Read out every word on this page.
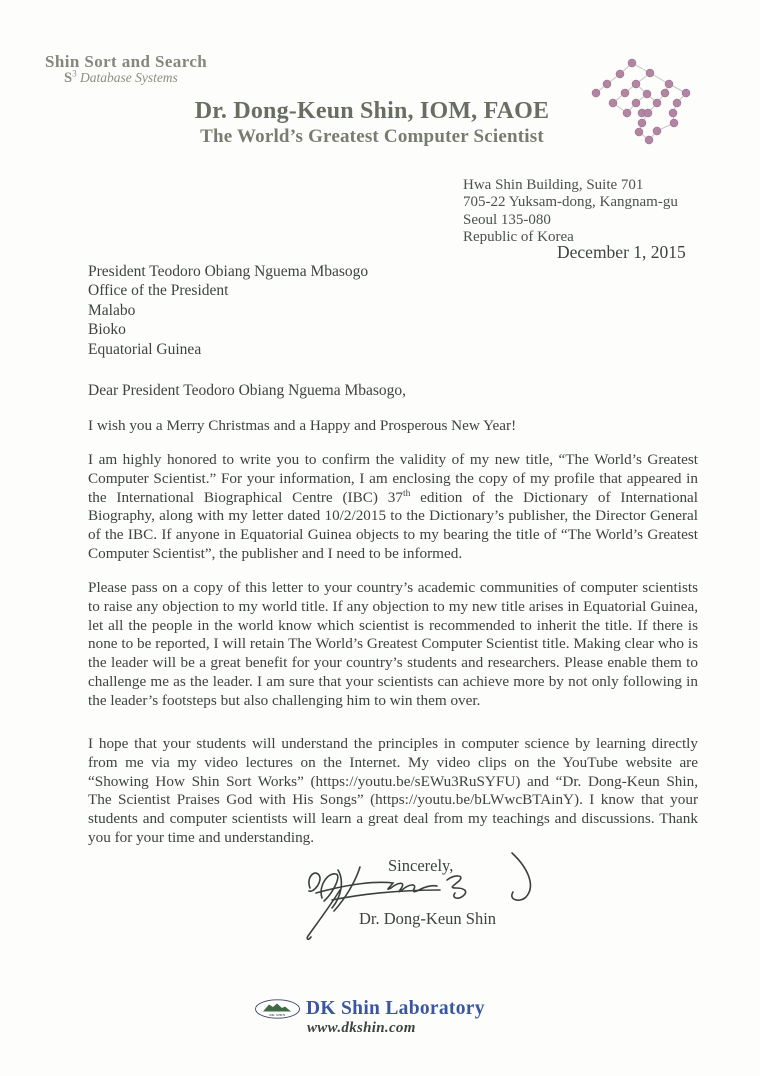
Shin Sort and Search
$S^3$ Database Systems
Dr. Dong-Keun Shin, IOM, FAOE
The World’s Greatest Computer Scientist
Hwa Shin Building, Suite 701
705-22 Yuksam-dong, Kangnam-gu
Seoul 135-080
Republic of Korea
December 1, 2015
President Teodoro Obiang Nguema Mbasogo
Office of the President
Malabo
Bioko
Equatorial Guinea
Dear President Teodoro Obiang Nguema Mbasogo,
I wish you a Merry Christmas and a Happy and Prosperous New Year!

I am highly honored to write you to confirm the validity of my new title, “The World’s Greatest Computer Scientist.” For your information, I am enclosing the copy of my profile that appeared in the International Biographical Centre (IBC) 37th edition of the Dictionary of International Biography, along with my letter dated 10/2/2015 to the Dictionary’s publisher, the Director General of the IBC. If anyone in Equatorial Guinea objects to my bearing the title of “The World’s Greatest Computer Scientist”, the publisher and I need to be informed.

Please pass on a copy of this letter to your country’s academic communities of computer scientists to raise any objection to my world title. If any objection to my new title arises in Equatorial Guinea, let all the people in the world know which scientist is recommended to inherit the title. If there is none to be reported, I will retain The World’s Greatest Computer Scientist title. Making clear who is the leader will be a great benefit for your country’s students and researchers. Please enable them to challenge me as the leader. I am sure that your scientists can achieve more by not only following in the leader’s footsteps but also challenging him to win them over.

I hope that your students will understand the principles in computer science by learning directly from me via my video lectures on the Internet. My video clips on the YouTube website are “Showing How Shin Sort Works” (https://youtu.be/sEWu3RuSYFU) and “Dr. Dong-Keun Shin, The Scientist Praises God with His Songs” (https://youtu.be/bLWwcBTAinY). I know that your students and computer scientists will learn a great deal from my teachings and discussions. Thank you for your time and understanding.

Sincerely,
Dr. Dong-Keun Shin
DK SHIN DK Shin Laboratory
www.dkshin.com
